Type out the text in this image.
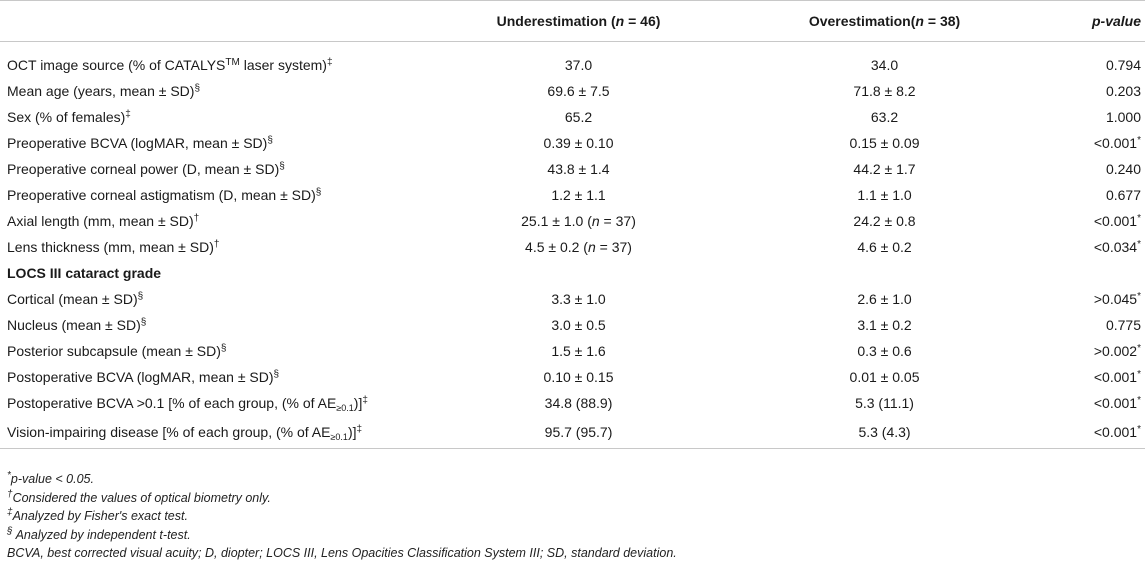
	Underestimation (n = 46)	Overestimation(n = 38)	p-value
OCT image source (% of CATALYS™ laser system)‡	37.0	34.0	0.794
Mean age (years, mean ± SD)§	69.6 ± 7.5	71.8 ± 8.2	0.203
Sex (% of females)‡	65.2	63.2	1.000
Preoperative BCVA (logMAR, mean ± SD)§	0.39 ± 0.10	0.15 ± 0.09	<0.001*
Preoperative corneal power (D, mean ± SD)§	43.8 ± 1.4	44.2 ± 1.7	0.240
Preoperative corneal astigmatism (D, mean ± SD)§	1.2 ± 1.1	1.1 ± 1.0	0.677
Axial length (mm, mean ± SD)†	25.1 ± 1.0 (n = 37)	24.2 ± 0.8	<0.001*
Lens thickness (mm, mean ± SD)†	4.5 ± 0.2 (n = 37)	4.6 ± 0.2	<0.034*
LOCS III cataract grade			
Cortical (mean ± SD)§	3.3 ± 1.0	2.6 ± 1.0	>0.045*
Nucleus (mean ± SD)§	3.0 ± 0.5	3.1 ± 0.2	0.775
Posterior subcapsule (mean ± SD)§	1.5 ± 1.6	0.3 ± 0.6	>0.002*
Postoperative BCVA (logMAR, mean ± SD)§	0.10 ± 0.15	0.01 ± 0.05	<0.001*
Postoperative BCVA >0.1 [% of each group, (% of $AE_{\ge 0.1})]^\ddagger$	34.8 (88.9)	5.3 (11.1)	<0.001*
Vision-impairing disease [% of each group, (% of $AE_{\ge 0.1})]^\ddagger$	95.7 (95.7)	5.3 (4.3)	<0.001*
*p-value < 0.05.
†Considered the values of optical biometry only.
‡Analyzed by Fisher's exact test.
§ Analyzed by independent t-test.
BCVA, best corrected visual acuity; D, diopter; LOCS III, Lens Opacities Classification System III; SD, standard deviation.
